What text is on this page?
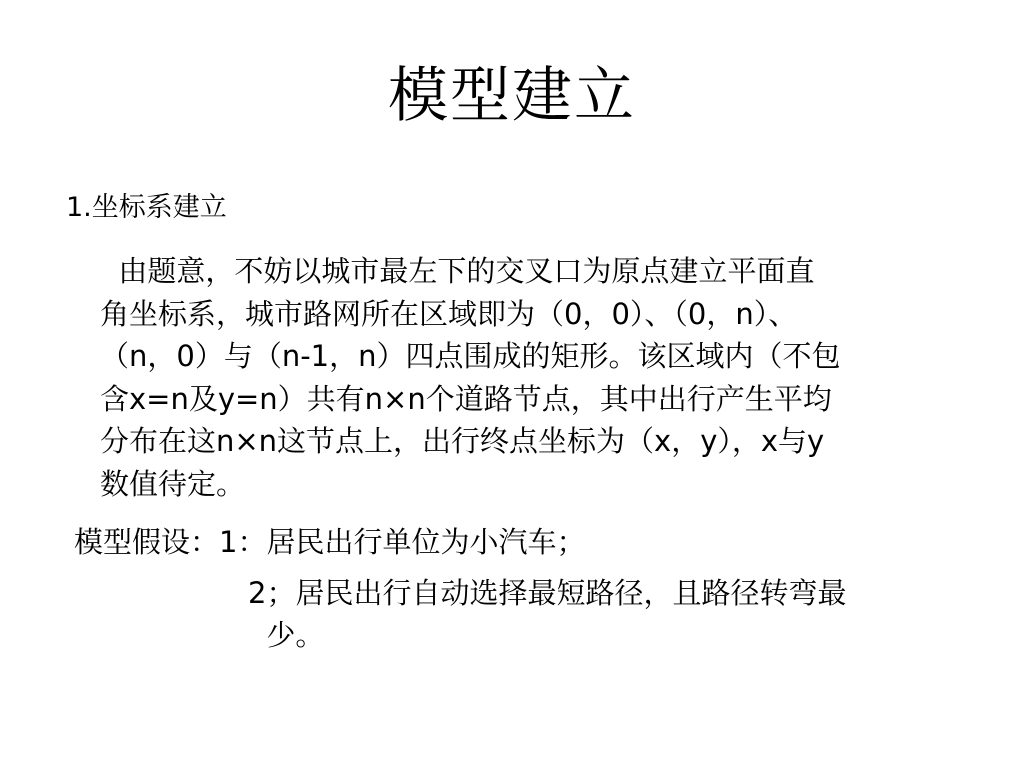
模型建立
1.坐标系建立
由题意，不妨以城市最左下的交叉口为原点建立平面直
角坐标系，城市路网所在区域即为（0，0）、（0，n）、
（n，0）与（n-1，n）四点围成的矩形。该区域内（不包
含x=n及y=n）共有n×n个道路节点，其中出行产生平均
分布在这n×n这节点上，出行终点坐标为（x，y），x与y
数值待定。
模型假设：1：居民出行单位为小汽车；
2；居民出行自动选择最短路径，且路径转弯最
少。
